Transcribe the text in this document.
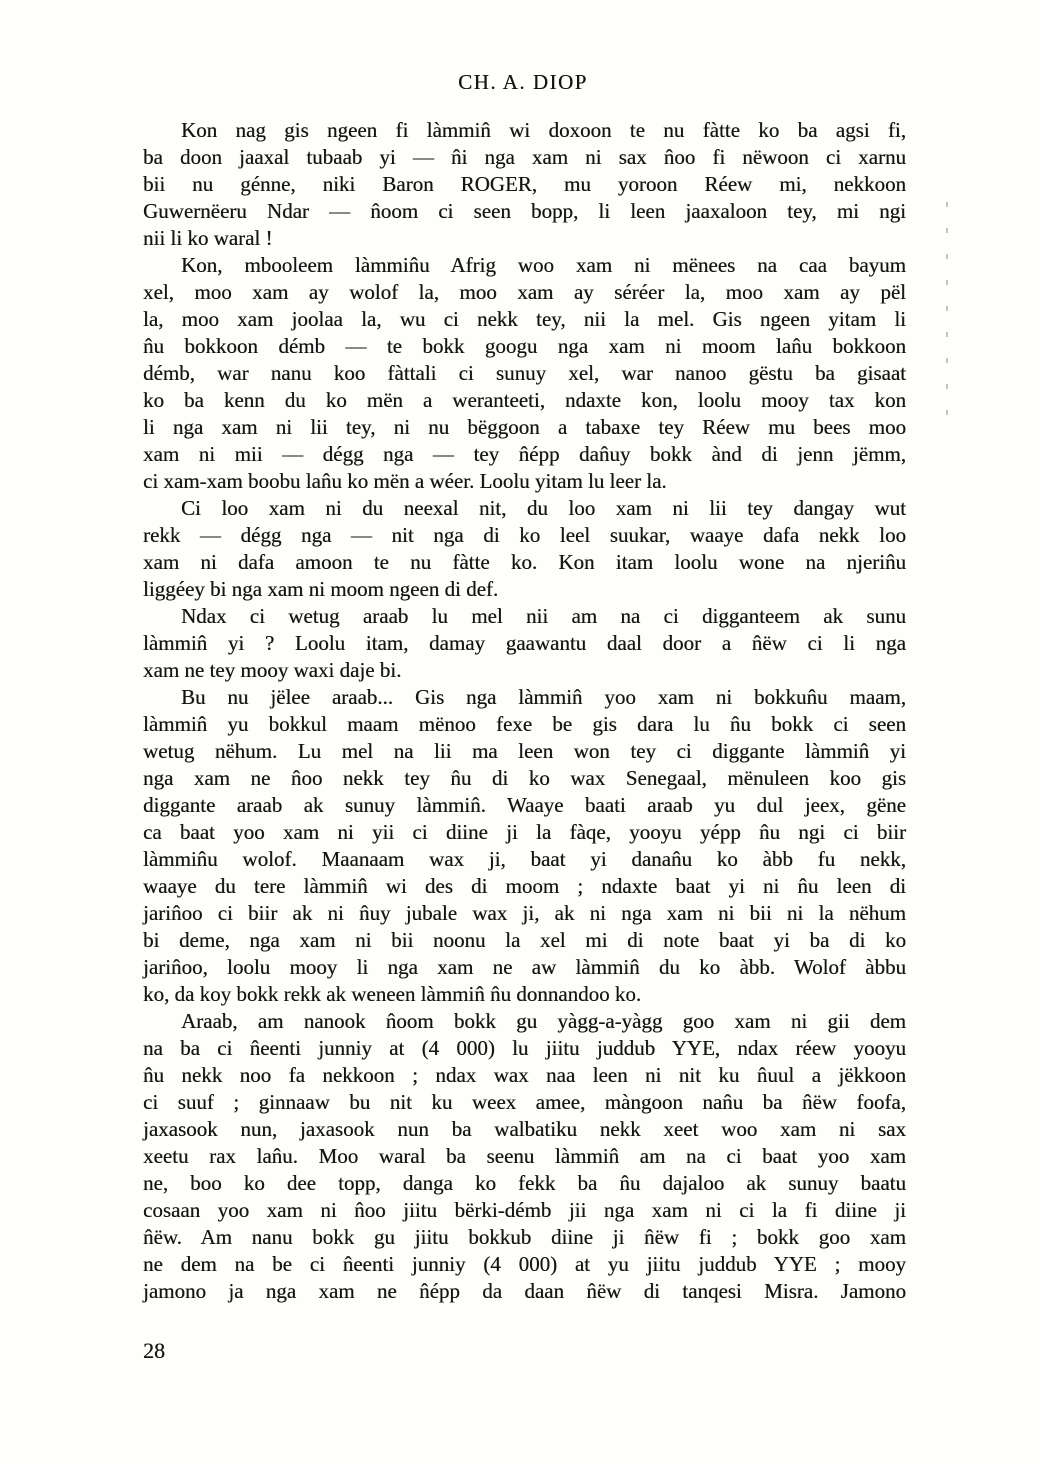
CH. A. DIOP
Kon nag gis ngeen fi làmmin̂ wi doxoon te nu fàtte ko ba agsi fi,
ba doon jaaxal tubaab yi — n̂i nga xam ni sax n̂oo fi nëwoon ci xarnu
bii nu génne, niki Baron ROGER, mu yoroon Réew mi, nekkoon
Guwernëeru Ndar — n̂oom ci seen bopp, li leen jaaxaloon tey, mi ngi
nii li ko waral !
Kon, mbooleem làmmin̂u Afrig woo xam ni mënees na caa bayum
xel, moo xam ay wolof la, moo xam ay séréer la, moo xam ay pël
la, moo xam joolaa la, wu ci nekk tey, nii la mel. Gis ngeen yitam li
n̂u bokkoon démb — te bokk googu nga xam ni moom lan̂u bokkoon
démb, war nanu koo fàttali ci sunuy xel, war nanoo gëstu ba gisaat
ko ba kenn du ko mën a weranteeti, ndaxte kon, loolu mooy tax kon
li nga xam ni lii tey, ni nu bëggoon a tabaxe tey Réew mu bees moo
xam ni mii — dégg nga — tey n̂épp dan̂uy bokk ànd di jenn jëmm,
ci xam-xam boobu lan̂u ko mën a wéer. Loolu yitam lu leer la.
Ci loo xam ni du neexal nit, du loo xam ni lii tey dangay wut
rekk — dégg nga — nit nga di ko leel suukar, waaye dafa nekk loo
xam ni dafa amoon te nu fàtte ko. Kon itam loolu wone na njerin̂u
liggéey bi nga xam ni moom ngeen di def.
Ndax ci wetug araab lu mel nii am na ci digganteem ak sunu
làmmin̂ yi ? Loolu itam, damay gaawantu daal door a n̂ëw ci li nga
xam ne tey mooy waxi daje bi.
Bu nu jëlee araab... Gis nga làmmin̂ yoo xam ni bokkun̂u maam,
làmmin̂ yu bokkul maam mënoo fexe be gis dara lu n̂u bokk ci seen
wetug nëhum. Lu mel na lii ma leen won tey ci diggante làmmin̂ yi
nga xam ne n̂oo nekk tey n̂u di ko wax Senegaal, mënuleen koo gis
diggante araab ak sunuy làmmin̂. Waaye baati araab yu dul jeex, gëne
ca baat yoo xam ni yii ci diine ji la fàqe, yooyu yépp n̂u ngi ci biir
làmmin̂u wolof. Maanaam wax ji, baat yi danan̂u ko àbb fu nekk,
waaye du tere làmmin̂ wi des di moom ; ndaxte baat yi ni n̂u leen di
jarin̂oo ci biir ak ni n̂uy jubale wax ji, ak ni nga xam ni bii ni la nëhum
bi deme, nga xam ni bii noonu la xel mi di note baat yi ba di ko
jarin̂oo, loolu mooy li nga xam ne aw làmmin̂ du ko àbb. Wolof àbbu
ko, da koy bokk rekk ak weneen làmmin̂ n̂u donnandoo ko.
Araab, am nanook n̂oom bokk gu yàgg-a-yàgg goo xam ni gii dem
na ba ci n̂eenti junniy at (4 000) lu jiitu juddub YYE, ndax réew yooyu
n̂u nekk noo fa nekkoon ; ndax wax naa leen ni nit ku n̂uul a jëkkoon
ci suuf ; ginnaaw bu nit ku weex amee, màngoon nan̂u ba n̂ëw foofa,
jaxasook nun, jaxasook nun ba walbatiku nekk xeet woo xam ni sax
xeetu rax lan̂u. Moo waral ba seenu làmmin̂ am na ci baat yoo xam
ne, boo ko dee topp, danga ko fekk ba n̂u dajaloo ak sunuy baatu
cosaan yoo xam ni n̂oo jiitu bërki-démb jii nga xam ni ci la fi diine ji
n̂ëw. Am nanu bokk gu jiitu bokkub diine ji n̂ëw fi ; bokk goo xam
ne dem na be ci n̂eenti junniy (4 000) at yu jiitu juddub YYE ; mooy
jamono ja nga xam ne n̂épp da daan n̂ëw di tanqesi Misra. Jamono
28
